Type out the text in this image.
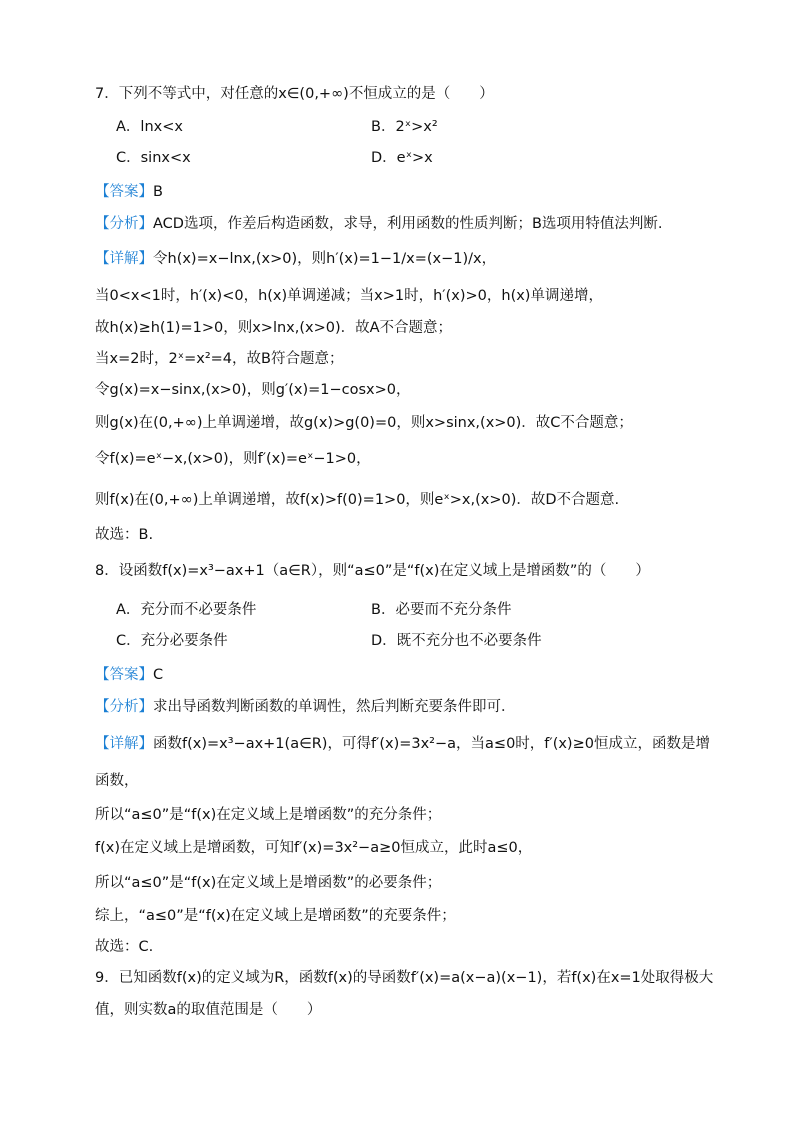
7．下列不等式中，对任意的x∈(0,+∞)不恒成立的是（　　）
A．lnx<x	B．2ˣ>x²
C．sinx<x	D．eˣ>x
【答案】B
【分析】ACD选项，作差后构造函数，求导，利用函数的性质判断；B选项用特值法判断.
【详解】令h(x)=x−lnx,(x>0)，则h′(x)=1−1/x=(x−1)/x，
当0<x<1时，h′(x)<0，h(x)单调递减；当x>1时，h′(x)>0，h(x)单调递增，
故h(x)≥h(1)=1>0，则x>lnx,(x>0)．故A不合题意；
当x=2时，2ˣ=x²=4，故B符合题意；
令g(x)=x−sinx,(x>0)，则g′(x)=1−cosx>0，
则g(x)在(0,+∞)上单调递增，故g(x)>g(0)=0，则x>sinx,(x>0)．故C不合题意；
令f(x)=eˣ−x,(x>0)，则f′(x)=eˣ−1>0，
则f(x)在(0,+∞)上单调递增，故f(x)>f(0)=1>0，则eˣ>x,(x>0)．故D不合题意.
故选：B.
8．设函数f(x)=x³−ax+1（a∈R），则“a≤0”是“f(x)在定义域上是增函数”的（　　）
A．充分而不必要条件	B．必要而不充分条件
C．充分必要条件	D．既不充分也不必要条件
【答案】C
【分析】求出导函数判断函数的单调性，然后判断充要条件即可．
【详解】函数f(x)=x³−ax+1(a∈R)，可得f′(x)=3x²−a，当a≤0时，f′(x)≥0恒成立，函数是增
函数，
所以“a≤0”是“f(x)在定义域上是增函数”的充分条件；
f(x)在定义域上是增函数，可知f′(x)=3x²−a≥0恒成立，此时a≤0，
所以“a≤0”是“f(x)在定义域上是增函数”的必要条件；
综上，“a≤0”是“f(x)在定义域上是增函数”的充要条件；
故选：C.
9．已知函数f(x)的定义域为R，函数f(x)的导函数f′(x)=a(x−a)(x−1)，若f(x)在x=1处取得极大
值，则实数a的取值范围是（　　）
